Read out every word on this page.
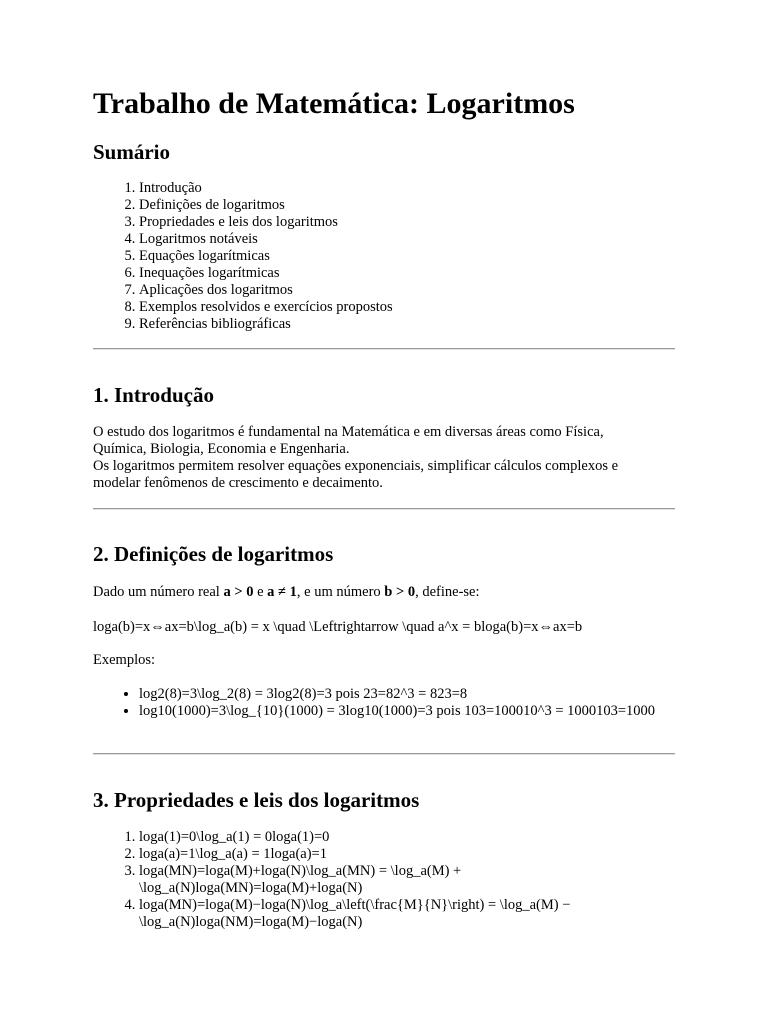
Trabalho de Matemática: Logaritmos
Sumário
1. Introdução
2. Definições de logaritmos
3. Propriedades e leis dos logaritmos
4. Logaritmos notáveis
5. Equações logarítmicas
6. Inequações logarítmicas
7. Aplicações dos logaritmos
8. Exemplos resolvidos e exercícios propostos
9. Referências bibliográficas
1. Introdução

O estudo dos logaritmos é fundamental na Matemática e em diversas áreas como Física,

Química, Biologia, Economia e Engenharia.

Os logaritmos permitem resolver equações exponenciais, simplificar cálculos complexos e

modelar fenômenos de crescimento e decaimento.

2. Definições de logaritmos

Dado um número real a > 0 e a ≠ 1, e um número b > 0, define-se:

loga(b)=x⇔ax=b\log_a(b) = x \quad \Leftrightarrow \quad a^x = bloga(b)=x⇔ax=b

Exemplos:

• log2(8)=3\log_2(8) = 3log2(8)=3 pois 23=82^3 = 823=8
• log10(1000)=3\log_{10}(1000) = 3log10(1000)=3 pois 103=100010^3 = 1000103=1000
3. Propriedades e leis dos logaritmos
1. loga(1)=0\log_a(1) = 0loga(1)=0
2. loga(a)=1\log_a(a) = 1loga(a)=1
3. loga(MN)=loga(M)+loga(N)\log_a(MN) = \log_a(M) + \log_a(N)loga(MN)=loga(M)+loga(N)
4. loga(MN)=loga(M)−loga(N)\log_a\left(\frac{M}{N}\right) = \log_a(M) − \log_a(N)loga(NM)=loga(M)−loga(N)
